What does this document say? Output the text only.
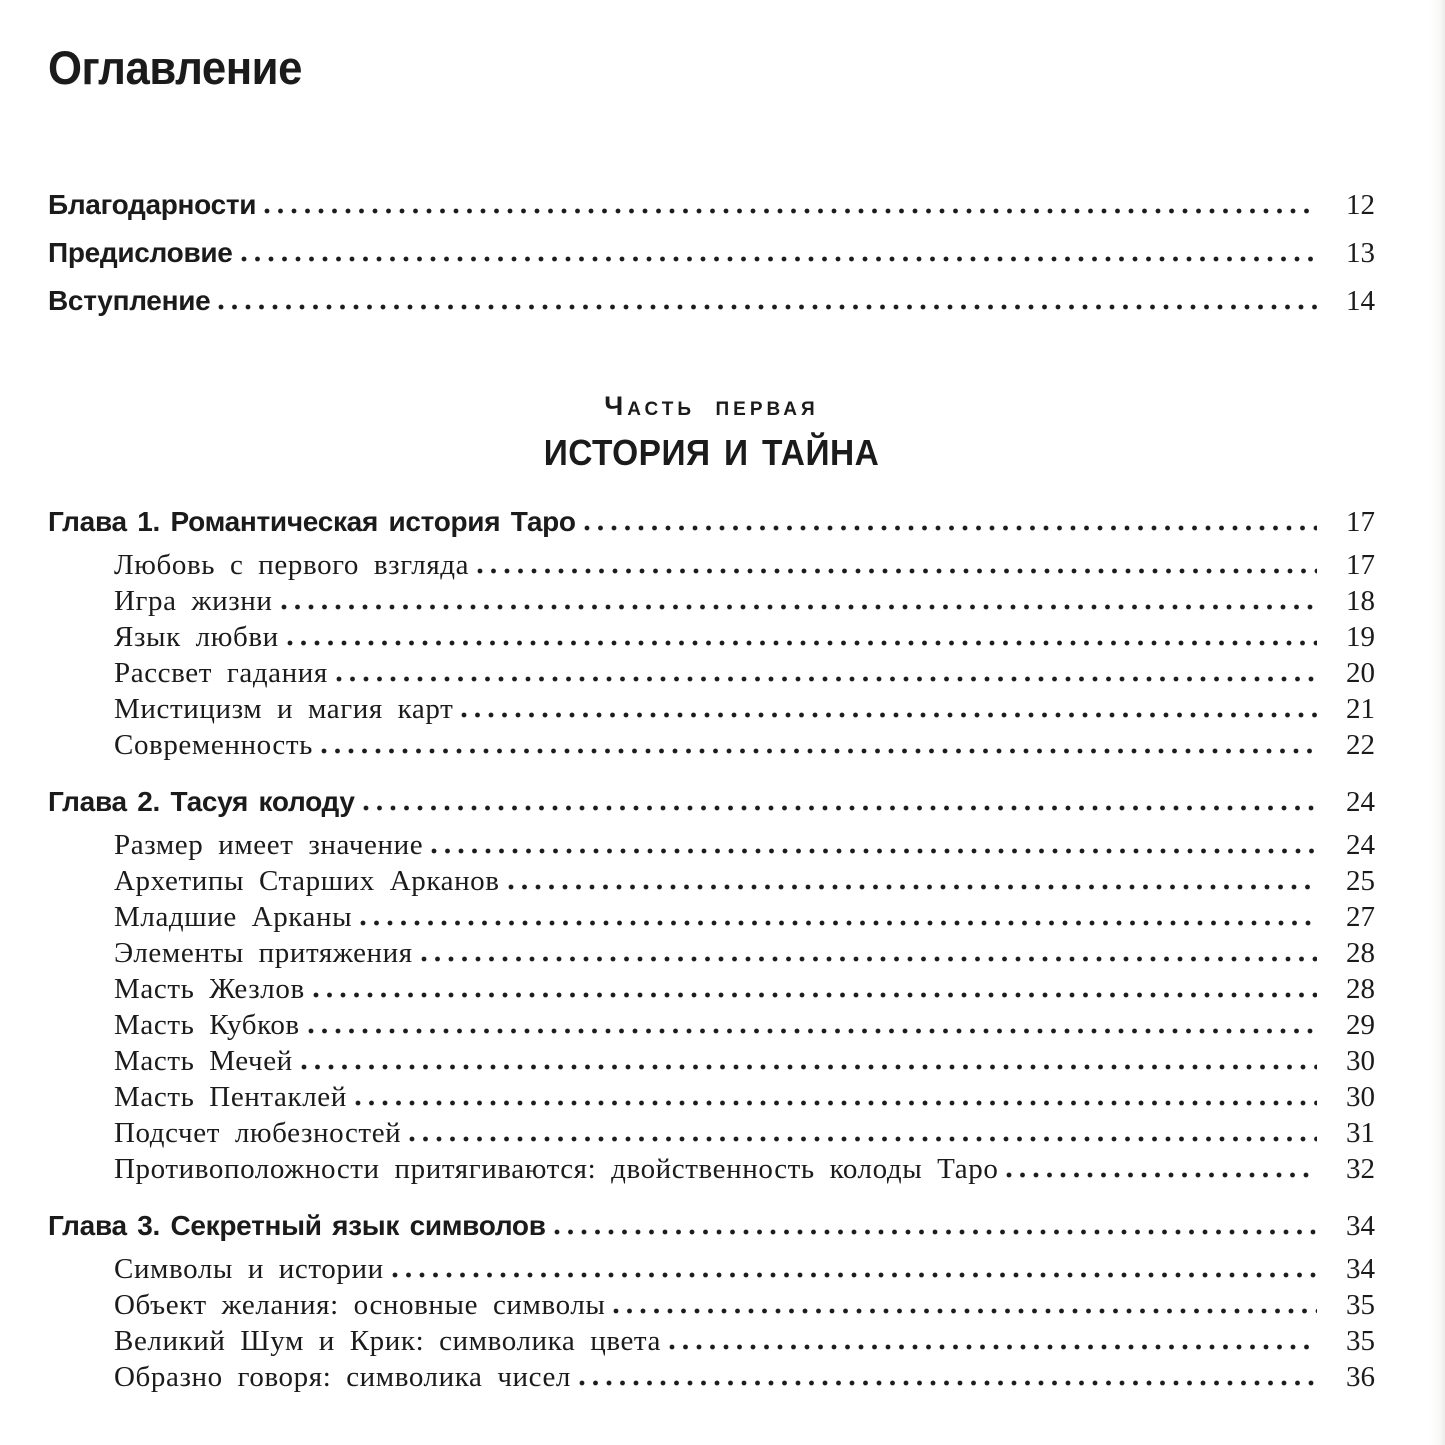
Оглавление
Благодарности	12
Предисловие	13
Вступление	14
Часть первая
ИСТОРИЯ И ТАЙНА
Глава 1. Романтическая история Таро	17
Любовь с первого взгляда	17
Игра жизни	18
Язык любви	19
Рассвет гадания	20
Мистицизм и магия карт	21
Современность	22
Глава 2. Тасуя колоду	24
Размер имеет значение	24
Архетипы Старших Арканов	25
Младшие Арканы	27
Элементы притяжения	28
Масть Жезлов	28
Масть Кубков	29
Масть Мечей	30
Масть Пентаклей	30
Подсчет любезностей	31
Противоположности притягиваются: двойственность колоды Таро	32
Глава 3. Секретный язык символов	34
Символы и истории	34
Объект желания: основные символы	35
Великий Шум и Крик: символика цвета	35
Образно говоря: символика чисел	36
